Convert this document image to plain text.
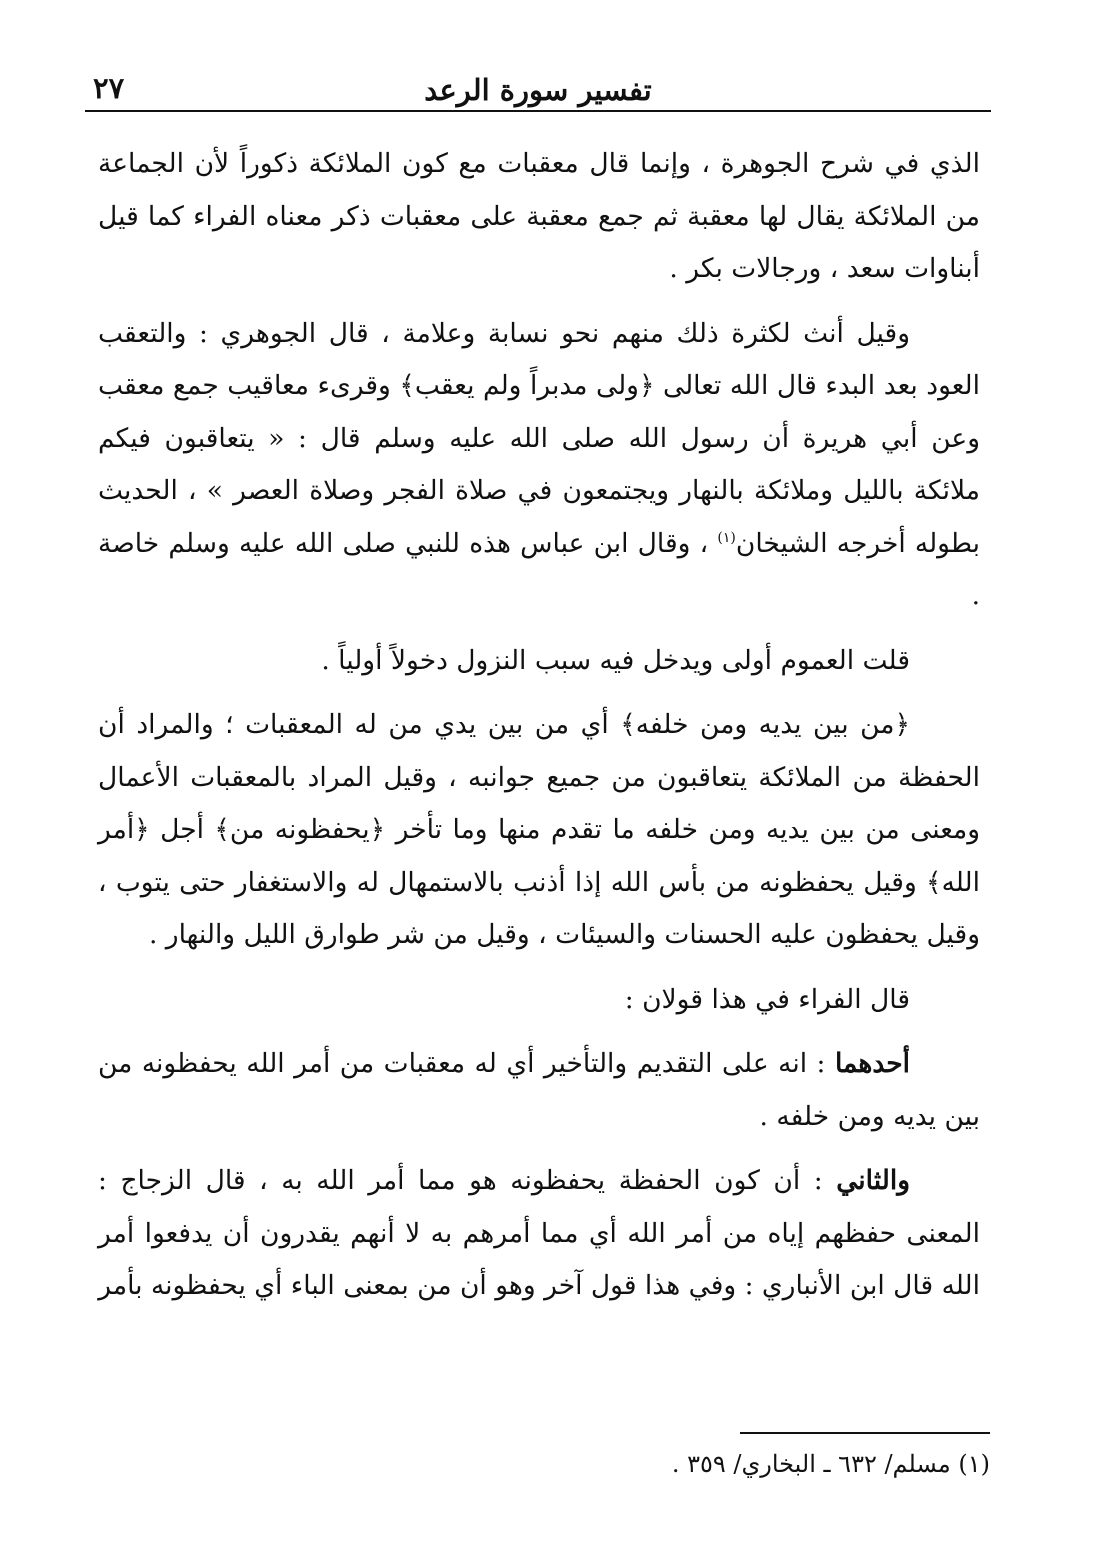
تفسير سورة الرعد
٢٧

الذي في شرح الجوهرة ، وإنما قال معقبات مع كون الملائكة ذكوراً لأن الجماعة من الملائكة يقال لها معقبة ثم جمع معقبة على معقبات ذكر معناه الفراء كما قيل أبناوات سعد ، ورجالات بكر .

وقيل أنث لكثرة ذلك منهم نحو نسابة وعلامة ، قال الجوهري : والتعقب العود بعد البدء قال الله تعالى ﴿ولى مدبراً ولم يعقب﴾ وقرىء معاقيب جمع معقب وعن أبي هريرة أن رسول الله صلى الله عليه وسلم قال : « يتعاقبون فيكم ملائكة بالليل وملائكة بالنهار ويجتمعون في صلاة الفجر وصلاة العصر » ، الحديث بطوله أخرجه الشيخان$^{(١)}$ ، وقال ابن عباس هذه للنبي صلى الله عليه وسلم خاصة .

قلت العموم أولى ويدخل فيه سبب النزول دخولاً أولياً .

﴿من بين يديه ومن خلفه﴾ أي من بين يدي من له المعقبات ؛ والمراد أن الحفظة من الملائكة يتعاقبون من جميع جوانبه ، وقيل المراد بالمعقبات الأعمال ومعنى من بين يديه ومن خلفه ما تقدم منها وما تأخر ﴿يحفظونه من﴾ أجل ﴿أمر الله﴾ وقيل يحفظونه من بأس الله إذا أذنب بالاستمهال له والاستغفار حتى يتوب ، وقيل يحفظون عليه الحسنات والسيئات ، وقيل من شر طوارق الليل والنهار .

قال الفراء في هذا قولان :

أحدهما : انه على التقديم والتأخير أي له معقبات من أمر الله يحفظونه من بين يديه ومن خلفه .

والثاني : أن كون الحفظة يحفظونه هو مما أمر الله به ، قال الزجاج : المعنى حفظهم إياه من أمر الله أي مما أمرهم به لا أنهم يقدرون أن يدفعوا أمر الله قال ابن الأنباري : وفي هذا قول آخر وهو أن من بمعنى الباء أي يحفظونه بأمر

(١) مسلم/ ٦٣٢ ـ البخاري/ ٣٥٩ .
